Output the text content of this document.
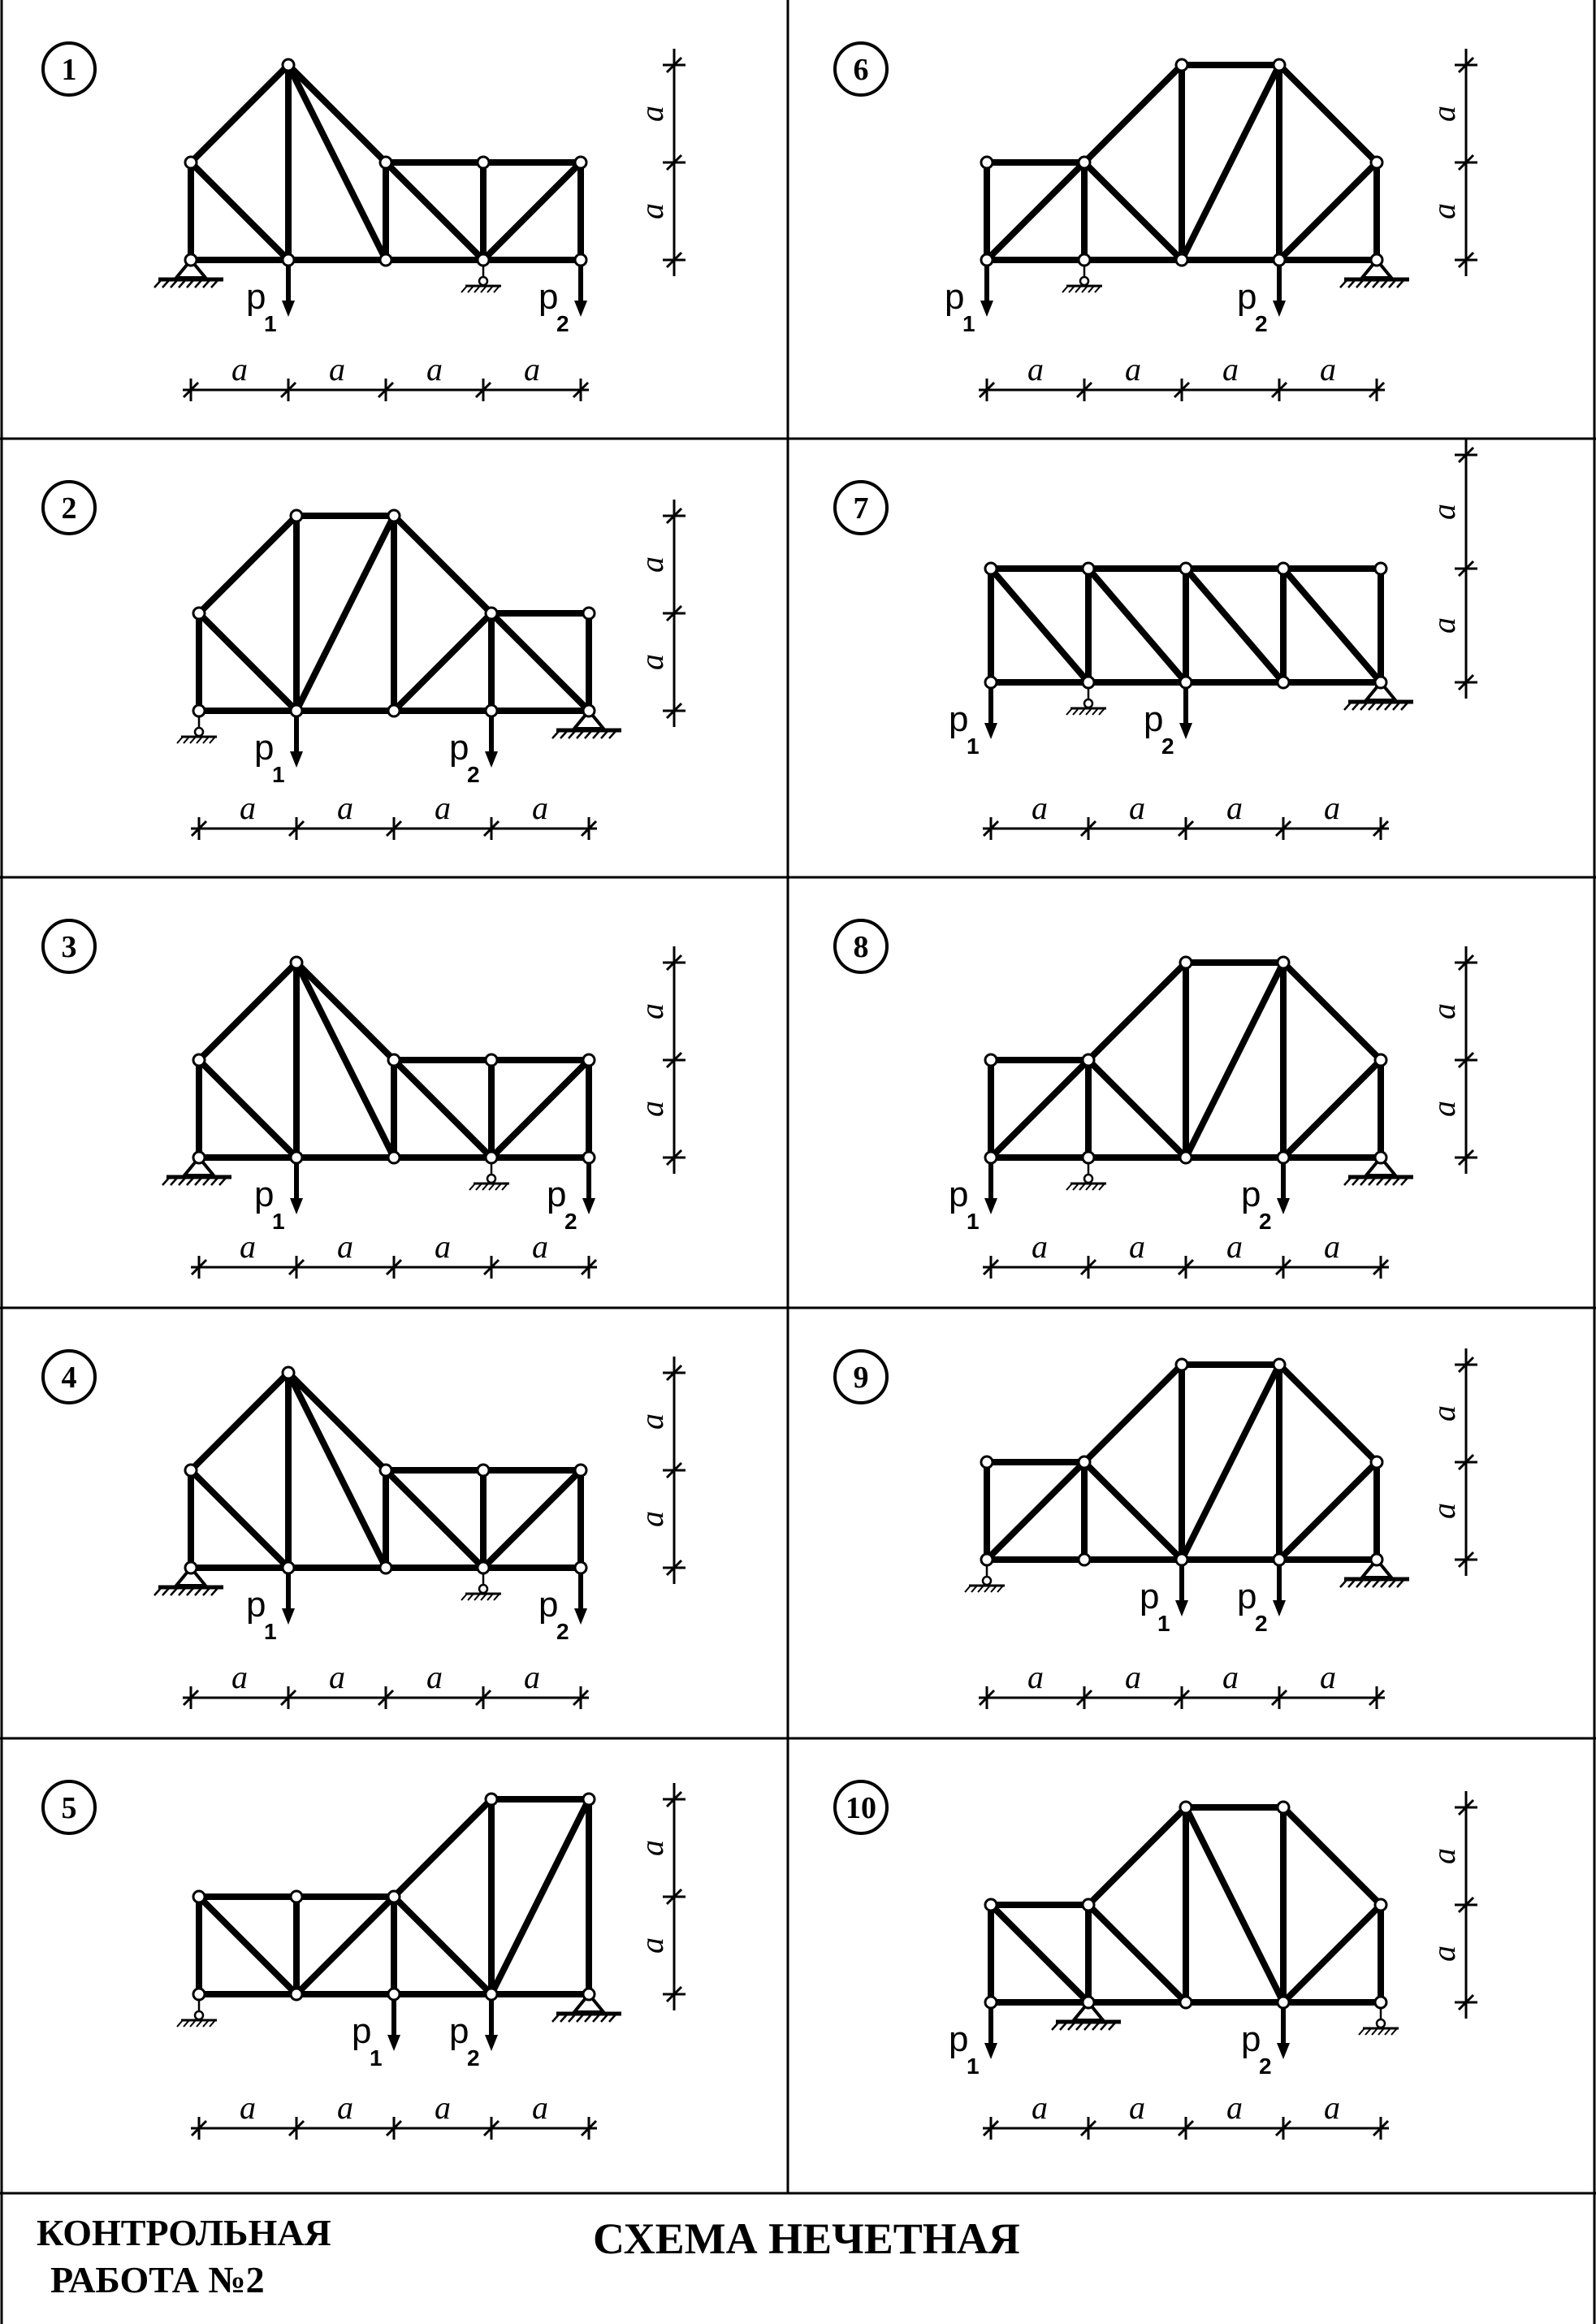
1
p
1
p
2
a	a	a	a
a
a
2
p
1
p
2
a	a	a	a
a
a
3
p
1
p
2
a	a	a	a
a
a
4
p
1
p
2
a	a	a	a
a
a
5
p
1
p
2
a	a	a	a
a
a
6
p
1
p
2
a	a	a	a
a
a
7
p
1
p
2
a	a	a	a
a
a
8
p
1
p
2
a	a	a	a
a
a
9
p
1
p
2
a	a	a	a
a
a
10
p
1
p
2
a	a	a	a
a
a

КОНТРОЛЬНАЯ

РАБОТА №2

СХЕМА НЕЧЕТНАЯ
